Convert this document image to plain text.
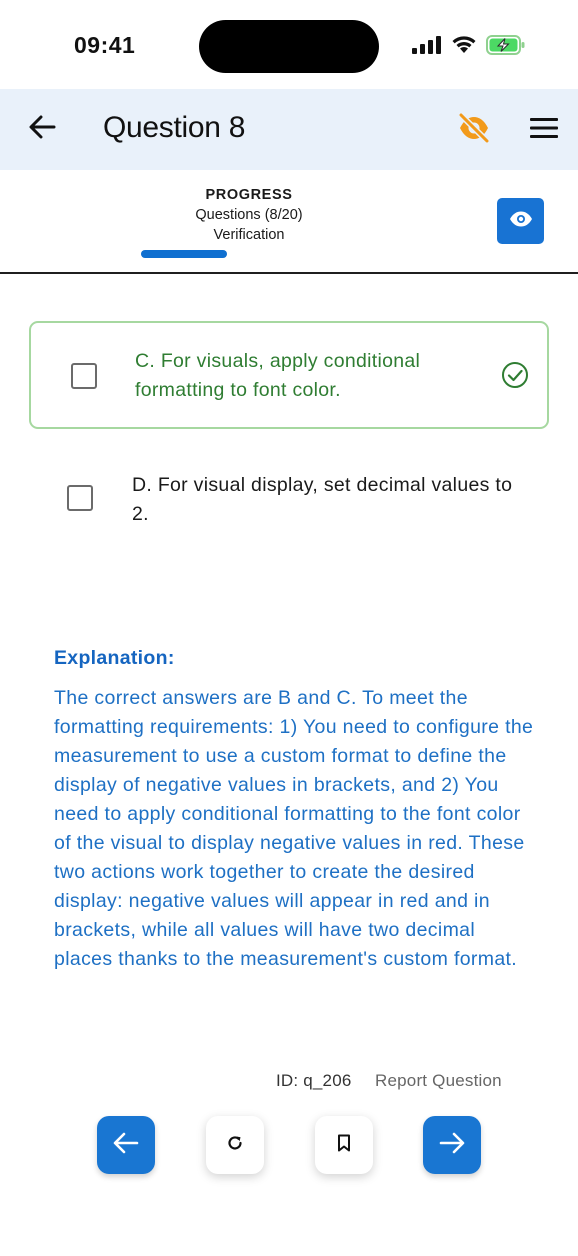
09:41
Question 8
PROGRESS
Questions (8/20)
Verification
C. For visuals, apply conditional formatting to font color.
D. For visual display, set decimal values to 2.
Explanation:
The correct answers are B and C. To meet the formatting requirements: 1) You need to configure the measurement to use a custom format to define the display of negative values in brackets, and 2) You need to apply conditional formatting to the font color of the visual to display negative values in red. These two actions work together to create the desired display: negative values will appear in red and in brackets, while all values will have two decimal places thanks to the measurement's custom format.
ID: q_206 Report Question
